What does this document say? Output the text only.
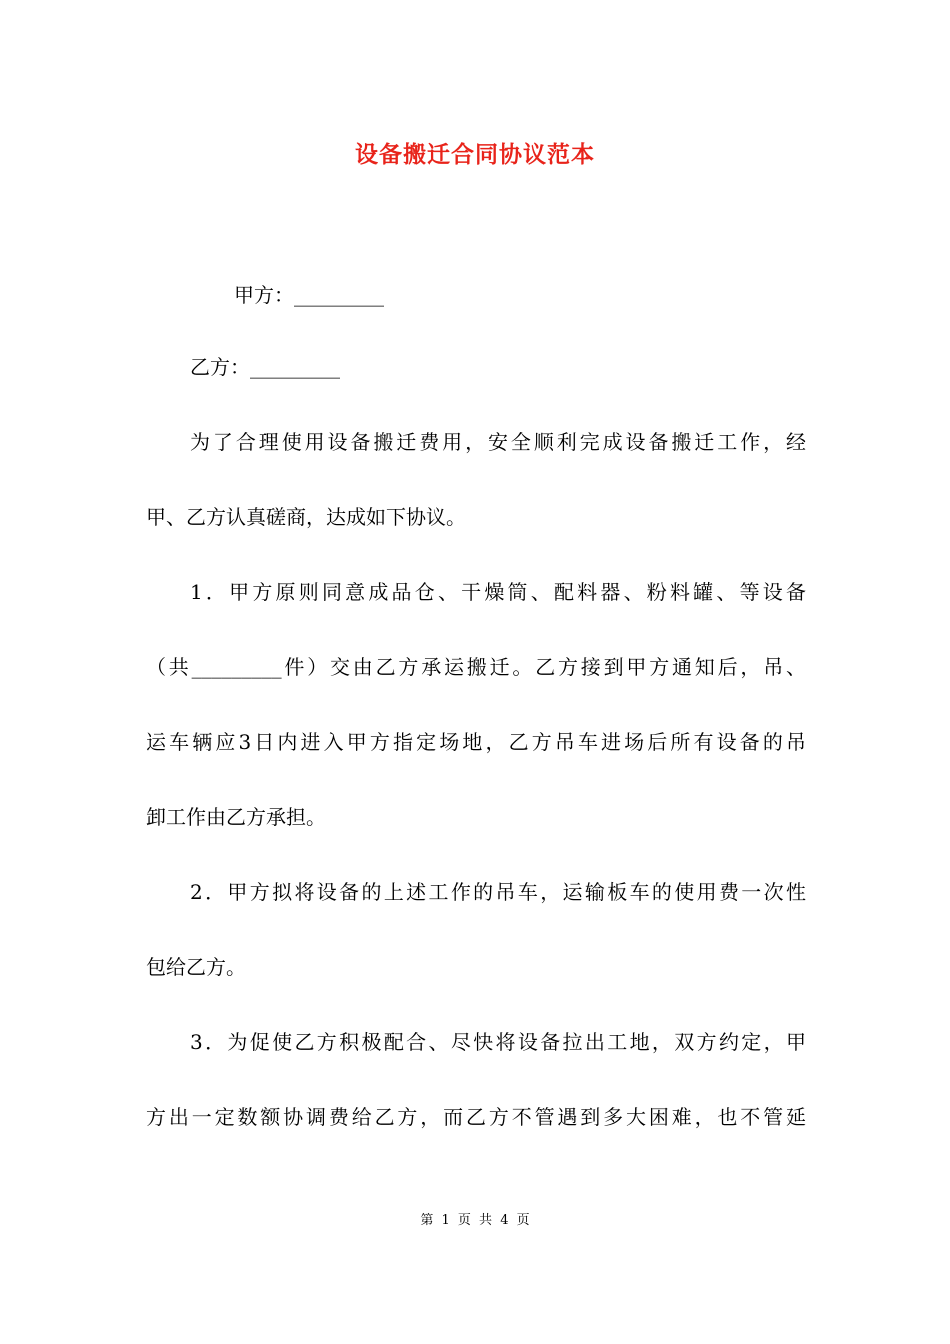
设备搬迁合同协议范本
甲方：_________
乙方：_________
为了合理使用设备搬迁费用，安全顺利完成设备搬迁工作，经
甲、乙方认真磋商，达成如下协议。
1．甲方原则同意成品仓、干燥筒、配料器、粉料罐、等设备
（共_________件）交由乙方承运搬迁。乙方接到甲方通知后，吊、
运车辆应3日内进入甲方指定场地，乙方吊车进场后所有设备的吊
卸工作由乙方承担。
2．甲方拟将设备的上述工作的吊车，运输板车的使用费一次性
包给乙方。
3．为促使乙方积极配合、尽快将设备拉出工地，双方约定，甲
方出一定数额协调费给乙方，而乙方不管遇到多大困难，也不管延
第 1 页 共 4 页
